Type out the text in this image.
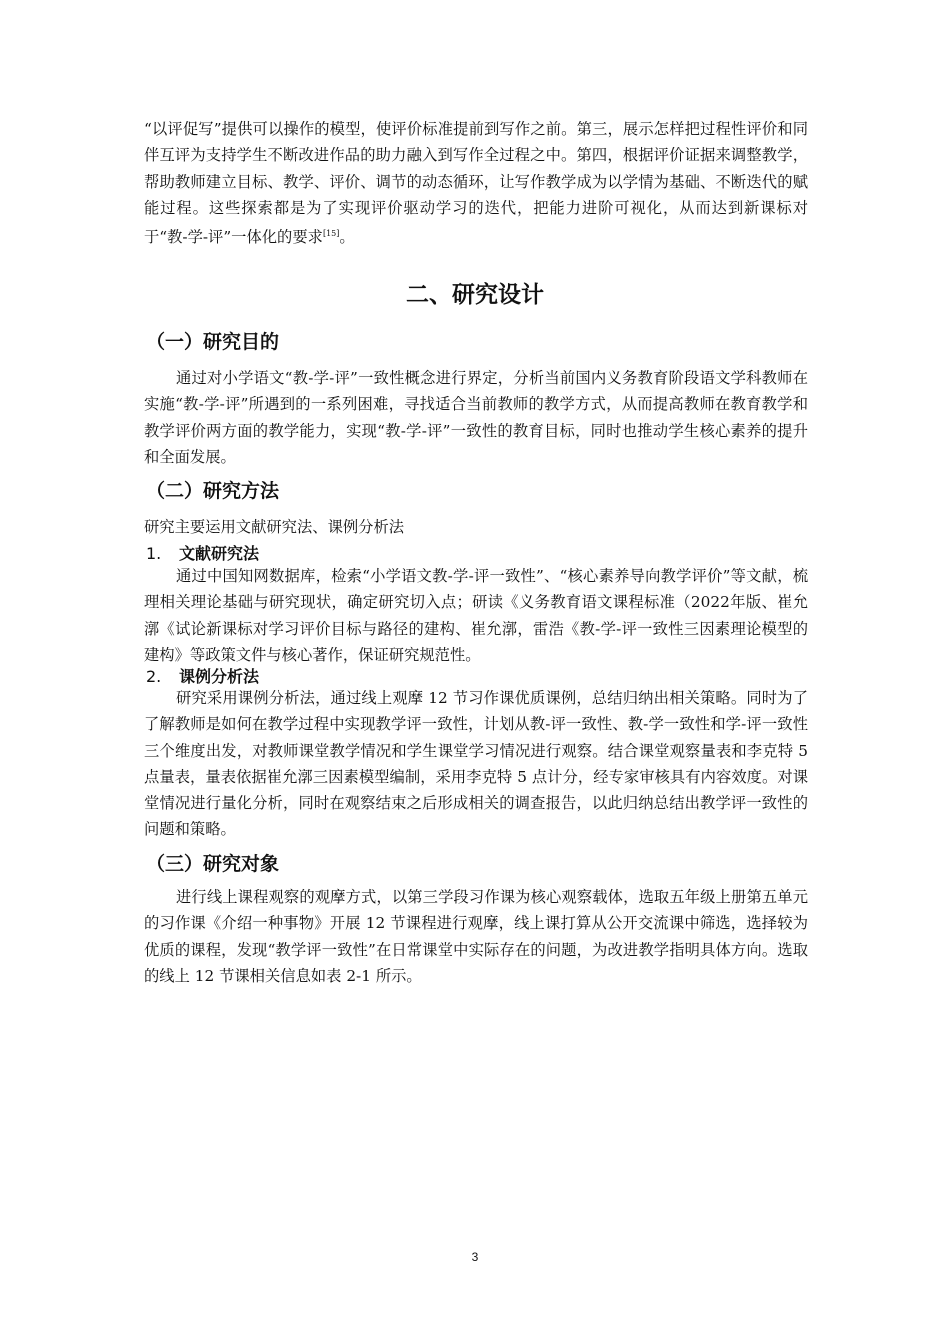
“以评促写”提供可以操作的模型，使评价标准提前到写作之前。第三，展示怎样把过程性评价和同伴互评为支持学生不断改进作品的助力融入到写作全过程之中。第四，根据评价证据来调整教学，帮助教师建立目标、教学、评价、调节的动态循环，让写作教学成为以学情为基础、不断迭代的赋能过程。这些探索都是为了实现评价驱动学习的迭代，把能力进阶可视化，从而达到新课标对于“教-学-评”一体化的要求[15]。

二、研究设计
（一）研究目的

通过对小学语文“教-学-评”一致性概念进行界定，分析当前国内义务教育阶段语文学科教师在实施“教-学-评”所遇到的一系列困难，寻找适合当前教师的教学方式，从而提高教师在教育教学和教学评价两方面的教学能力，实现“教-学-评”一致性的教育目标，同时也推动学生核心素养的提升和全面发展。

（二）研究方法

研究主要运用文献研究法、课例分析法

1. 文献研究法

通过中国知网数据库，检索“小学语文教-学-评一致性”、“核心素养导向教学评价”等文献，梳理相关理论基础与研究现状，确定研究切入点；研读《义务教育语文课程标准（2022年版、崔允漷《试论新课标对学习评价目标与路径的建构、崔允漷，雷浩《教-学-评一致性三因素理论模型的建构》等政策文件与核心著作，保证研究规范性。

2. 课例分析法

研究采用课例分析法，通过线上观摩 12 节习作课优质课例，总结归纳出相关策略。同时为了了解教师是如何在教学过程中实现教学评一致性，计划从教-评一致性、教-学一致性和学-评一致性三个维度出发，对教师课堂教学情况和学生课堂学习情况进行观察。结合课堂观察量表和李克特 5 点量表，量表依据崔允漷三因素模型编制，采用李克特 5 点计分，经专家审核具有内容效度。对课堂情况进行量化分析，同时在观察结束之后形成相关的调查报告，以此归纳总结出教学评一致性的问题和策略。

（三）研究对象

进行线上课程观察的观摩方式，以第三学段习作课为核心观察载体，选取五年级上册第五单元的习作课《介绍一种事物》开展 12 节课程进行观摩，线上课打算从公开交流课中筛选，选择较为优质的课程，发现“教学评一致性”在日常课堂中实际存在的问题，为改进教学指明具体方向。选取的线上 12 节课相关信息如表 2-1 所示。

3
